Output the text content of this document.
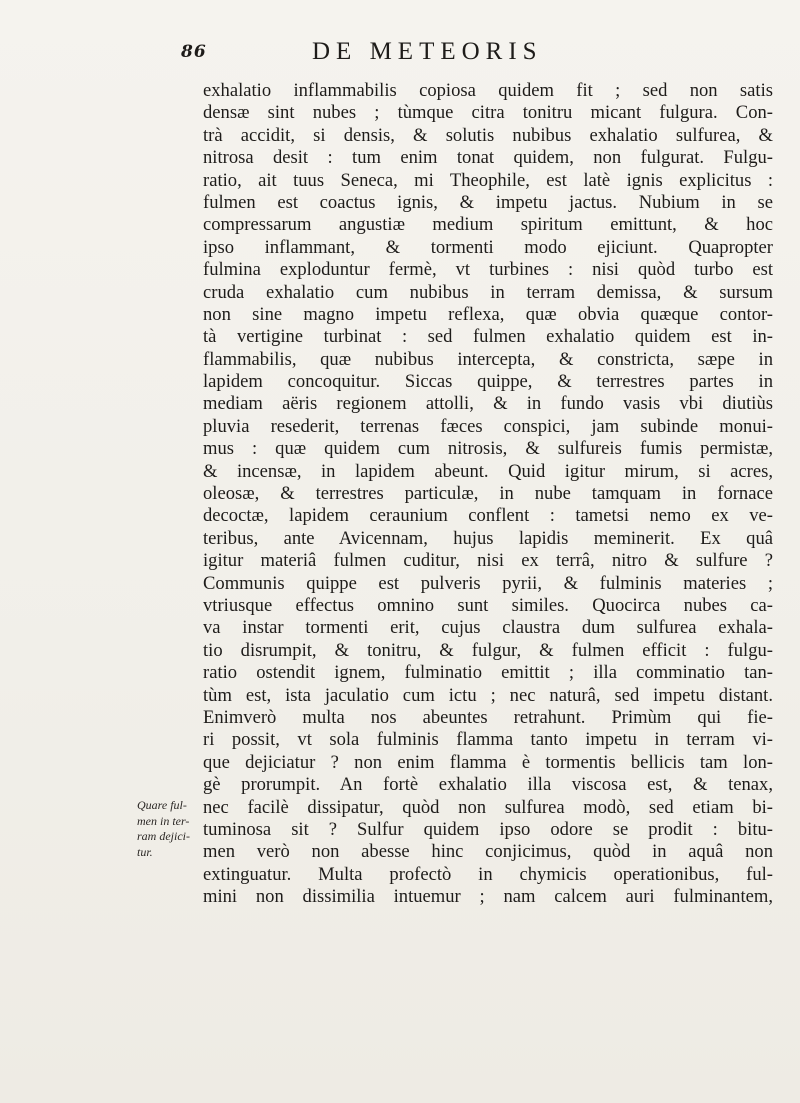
86	DE METEORIS
Quare ful-
men in ter-
ram dejici-
tur.
exhalatio inflammabilis copiosa quidem fit ; sed non satis
densæ sint nubes ; tùmque citra tonitru micant fulgura. Con-
trà accidit, si densis, & solutis nubibus exhalatio sulfurea, &
nitrosa desit : tum enim tonat quidem, non fulgurat. Fulgu-
ratio, ait tuus Seneca, mi Theophile, est latè ignis explicitus :
fulmen est coactus ignis, & impetu jactus. Nubium in se
compressarum angustiæ medium spiritum emittunt, & hoc
ipso inflammant, & tormenti modo ejiciunt. Quapropter
fulmina exploduntur fermè, vt turbines : nisi quòd turbo est
cruda exhalatio cum nubibus in terram demissa, & sursum
non sine magno impetu reflexa, quæ obvia quæque contor-
tà vertigine turbinat : sed fulmen exhalatio quidem est in-
flammabilis, quæ nubibus intercepta, & constricta, sæpe in
lapidem concoquitur. Siccas quippe, & terrestres partes in
mediam aëris regionem attolli, & in fundo vasis vbi diutiùs
pluvia resederit, terrenas fæces conspici, jam subinde monui-
mus : quæ quidem cum nitrosis, & sulfureis fumis permistæ,
& incensæ, in lapidem abeunt. Quid igitur mirum, si acres,
oleosæ, & terrestres particulæ, in nube tamquam in fornace
decoctæ, lapidem ceraunium conflent : tametsi nemo ex ve-
teribus, ante Avicennam, hujus lapidis meminerit. Ex quâ
igitur materiâ fulmen cuditur, nisi ex terrâ, nitro & sulfure ?
Communis quippe est pulveris pyrii, & fulminis materies ;
vtriusque effectus omnino sunt similes. Quocirca nubes ca-
va instar tormenti erit, cujus claustra dum sulfurea exhala-
tio disrumpit, & tonitru, & fulgur, & fulmen efficit : fulgu-
ratio ostendit ignem, fulminatio emittit ; illa comminatio tan-
tùm est, ista jaculatio cum ictu ; nec naturâ, sed impetu distant.
Enimverò multa nos abeuntes retrahunt. Primùm qui fie-
ri possit, vt sola fulminis flamma tanto impetu in terram vi-
que dejiciatur ? non enim flamma è tormentis bellicis tam lon-
gè prorumpit. An fortè exhalatio illa viscosa est, & tenax,
nec facilè dissipatur, quòd non sulfurea modò, sed etiam bi-
tuminosa sit ? Sulfur quidem ipso odore se prodit : bitu-
men verò non abesse hinc conjicimus, quòd in aquâ non
extinguatur. Multa profectò in chymicis operationibus, ful-
mini non dissimilia intuemur ; nam calcem auri fulminantem,
